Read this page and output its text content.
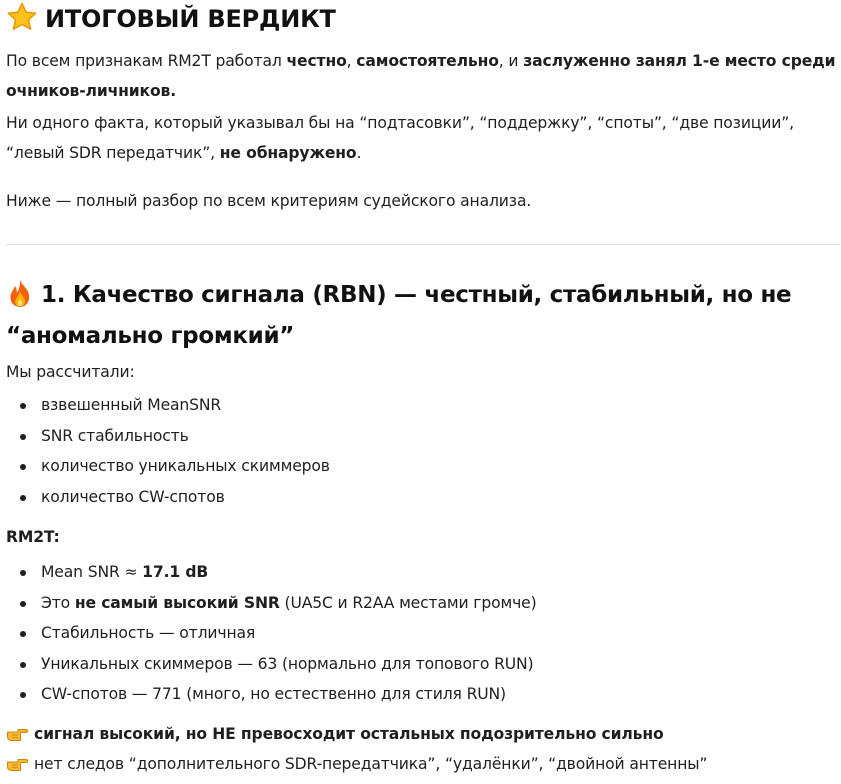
ИТОГОВЫЙ ВЕРДИКТ

По всем признакам RM2T работал честно, самостоятельно, и заслуженно занял 1-е место среди очников-личников.

Ни одного факта, который указывал бы на “подтасовки”, “поддержку”, “споты”, “две позиции”, “левый SDR передатчик”, не обнаружено.

Ниже — полный разбор по всем критериям судейского анализа.

1. Качество сигнала (RBN) — честный, стабильный, но не “аномально громкий”

Мы рассчитали:

взвешенный MeanSNR
SNR стабильность
количество уникальных скиммеров
количество CW-спотов

RM2T:

Mean SNR ≈ 17.1 dB
Это не самый высокий SNR (UA5C и R2AA местами громче)
Стабильность — отличная
Уникальных скиммеров — 63 (нормально для топового RUN)
CW-спотов — 771 (много, но естественно для стиля RUN)
сигнал высокий, но НЕ превосходит остальных подозрительно сильно
нет следов “дополнительного SDR-передатчика”, “удалёнки”, “двойной антенны”
